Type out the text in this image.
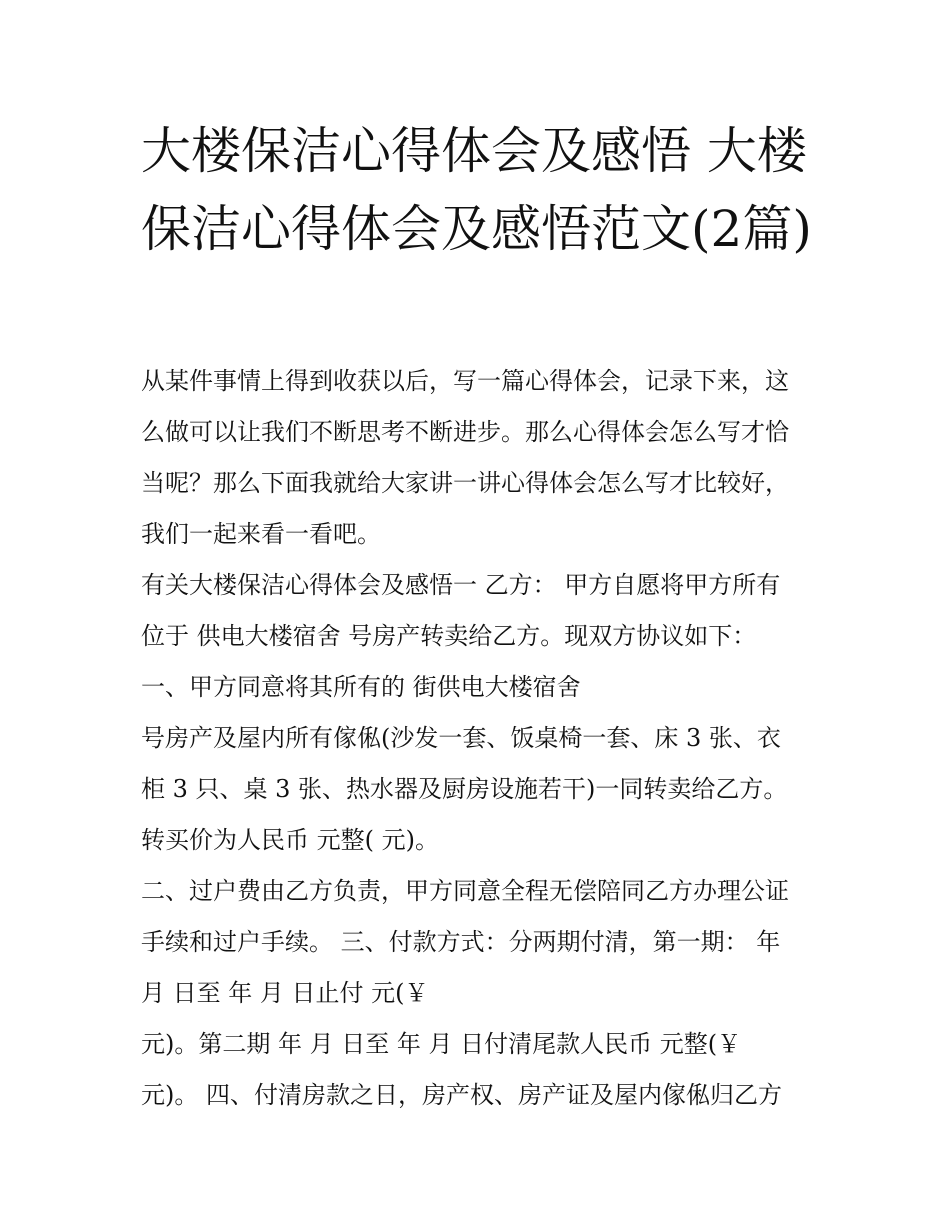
大楼保洁心得体会及感悟 大楼保洁心得体会及感悟范文(2篇)
从某件事情上得到收获以后，写一篇心得体会，记录下来，这
么做可以让我们不断思考不断进步。那么心得体会怎么写才恰
当呢？那么下面我就给大家讲一讲心得体会怎么写才比较好，
我们一起来看一看吧。
有关大楼保洁心得体会及感悟一 乙方： 甲方自愿将甲方所有
位于 供电大楼宿舍 号房产转卖给乙方。现双方协议如下：
一、甲方同意将其所有的 街供电大楼宿舍
号房产及屋内所有傢俬(沙发一套、饭桌椅一套、床 3 张、衣
柜 3 只、桌 3 张、热水器及厨房设施若干)一同转卖给乙方。
转买价为人民币 元整( 元)。
二、过户费由乙方负责，甲方同意全程无偿陪同乙方办理公证
手续和过户手续。 三、付款方式：分两期付清，第一期： 年
月 日至 年 月 日止付 元(￥
元)。第二期 年 月 日至 年 月 日付清尾款人民币 元整(￥
元)。 四、付清房款之日，房产权、房产证及屋内傢俬归乙方
